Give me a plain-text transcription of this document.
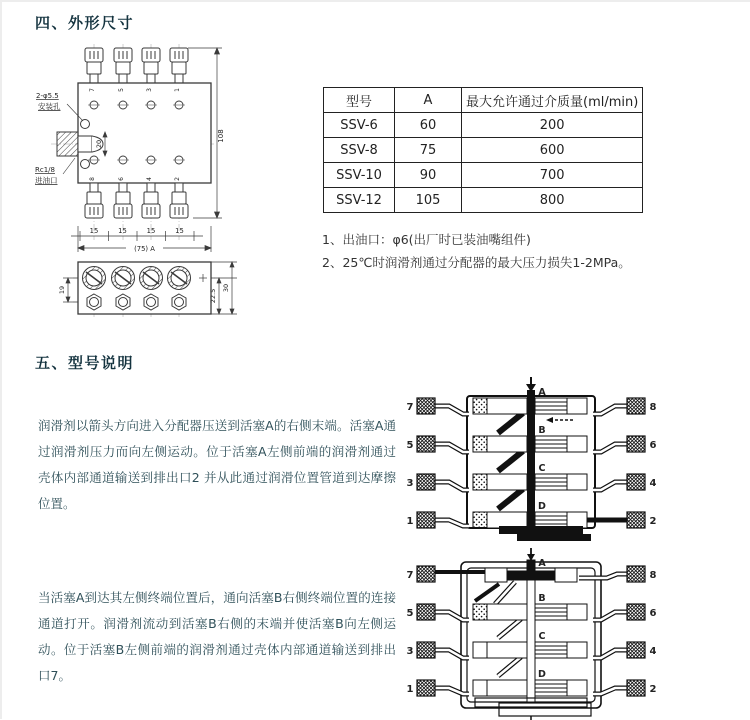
四、外形尺寸
2-φ5.5
安装孔
Rc1/8
进油口
108
20
15	15	15	15
(75) A
19	22.5
30
7	5	3	1
8	6	4	2
型号	A	最大允许通过介质量(ml/min)
SSV-6	60	200
SSV-8	75	600
SSV-10	90	700
SSV-12	105	800
1、出油口：φ6(出厂时已装油嘴组件)
2、25℃时润滑剂通过分配器的最大压力损失1-2MPa。
五、型号说明
润滑剂以箭头方向进入分配器压送到活塞A的右侧末端。活塞A通过润滑剂压力而向左侧运动。位于活塞A左侧前端的润滑剂通过壳体内部通道输送到排出口2 并从此通过润滑位置管道到达摩擦位置。
当活塞A到达其左侧终端位置后，通向活塞B右侧终端位置的连接通道打开。润滑剂流动到活塞B右侧的末端并使活塞B向左侧运动。位于活塞B左侧前端的润滑剂通过壳体内部通道输送到排出口7。
7
5
3
1
8
6
4
2
A
B
C
D
7
5
3
1
8
6
4
2
A
B
C
D
